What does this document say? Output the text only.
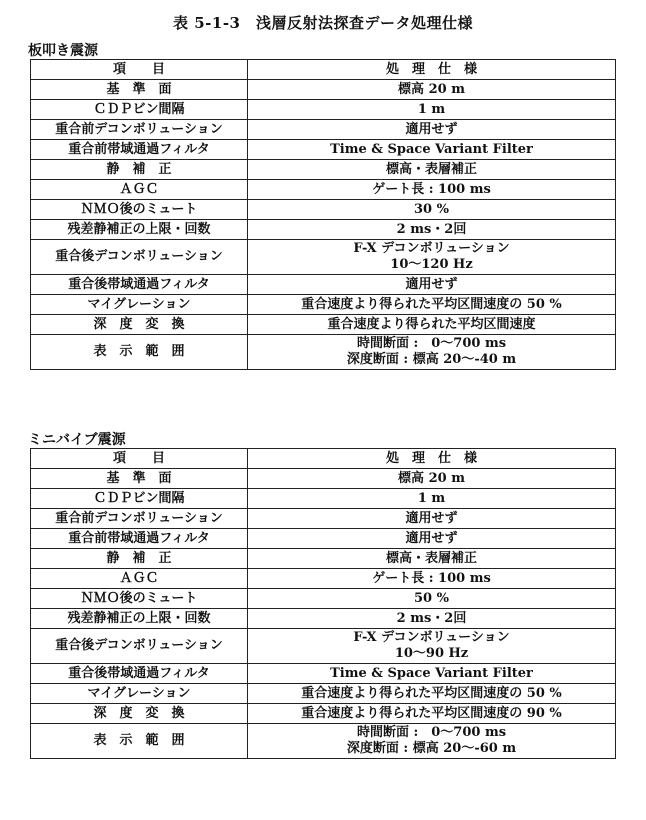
表 5-1-3　浅層反射法探査データ処理仕様
板叩き震源
項　　目	処　理　仕　様
基　準　面	標高 20 m
ＣＤＰビン間隔	1 m
重合前デコンボリューション	適用せず
重合前帯域通過フィルタ	Time & Space Variant Filter
静　補　正	標高・表層補正
ＡＧＣ	ゲート長 : 100 ms
ＮＭＯ後のミュート	30 %
残差静補正の上限・回数	2 ms・2回
重合後デコンボリューション	F-X デコンボリューション
10～120 Hz

重合後帯域通過フィルタ	適用せず
マイグレーション	重合速度より得られた平均区間速度の 50 %
深　度　変　換	重合速度より得られた平均区間速度
表　示　範　囲	時間断面 :　0～700 ms
深度断面 : 標高 20～-40 m
ミニバイブ震源
項　　目	処　理　仕　様
基　準　面	標高 20 m
ＣＤＰビン間隔	1 m
重合前デコンボリューション	適用せず
重合前帯域通過フィルタ	適用せず
静　補　正	標高・表層補正
ＡＧＣ	ゲート長 : 100 ms
ＮＭＯ後のミュート	50 %
残差静補正の上限・回数	2 ms・2回
重合後デコンボリューション	F-X デコンボリューション
10～90 Hz

重合後帯域通過フィルタ	Time & Space Variant Filter
マイグレーション	重合速度より得られた平均区間速度の 50 %
深　度　変　換	重合速度より得られた平均区間速度の 90 %
表　示　範　囲	時間断面 :　0～700 ms
深度断面 : 標高 20～-60 m
